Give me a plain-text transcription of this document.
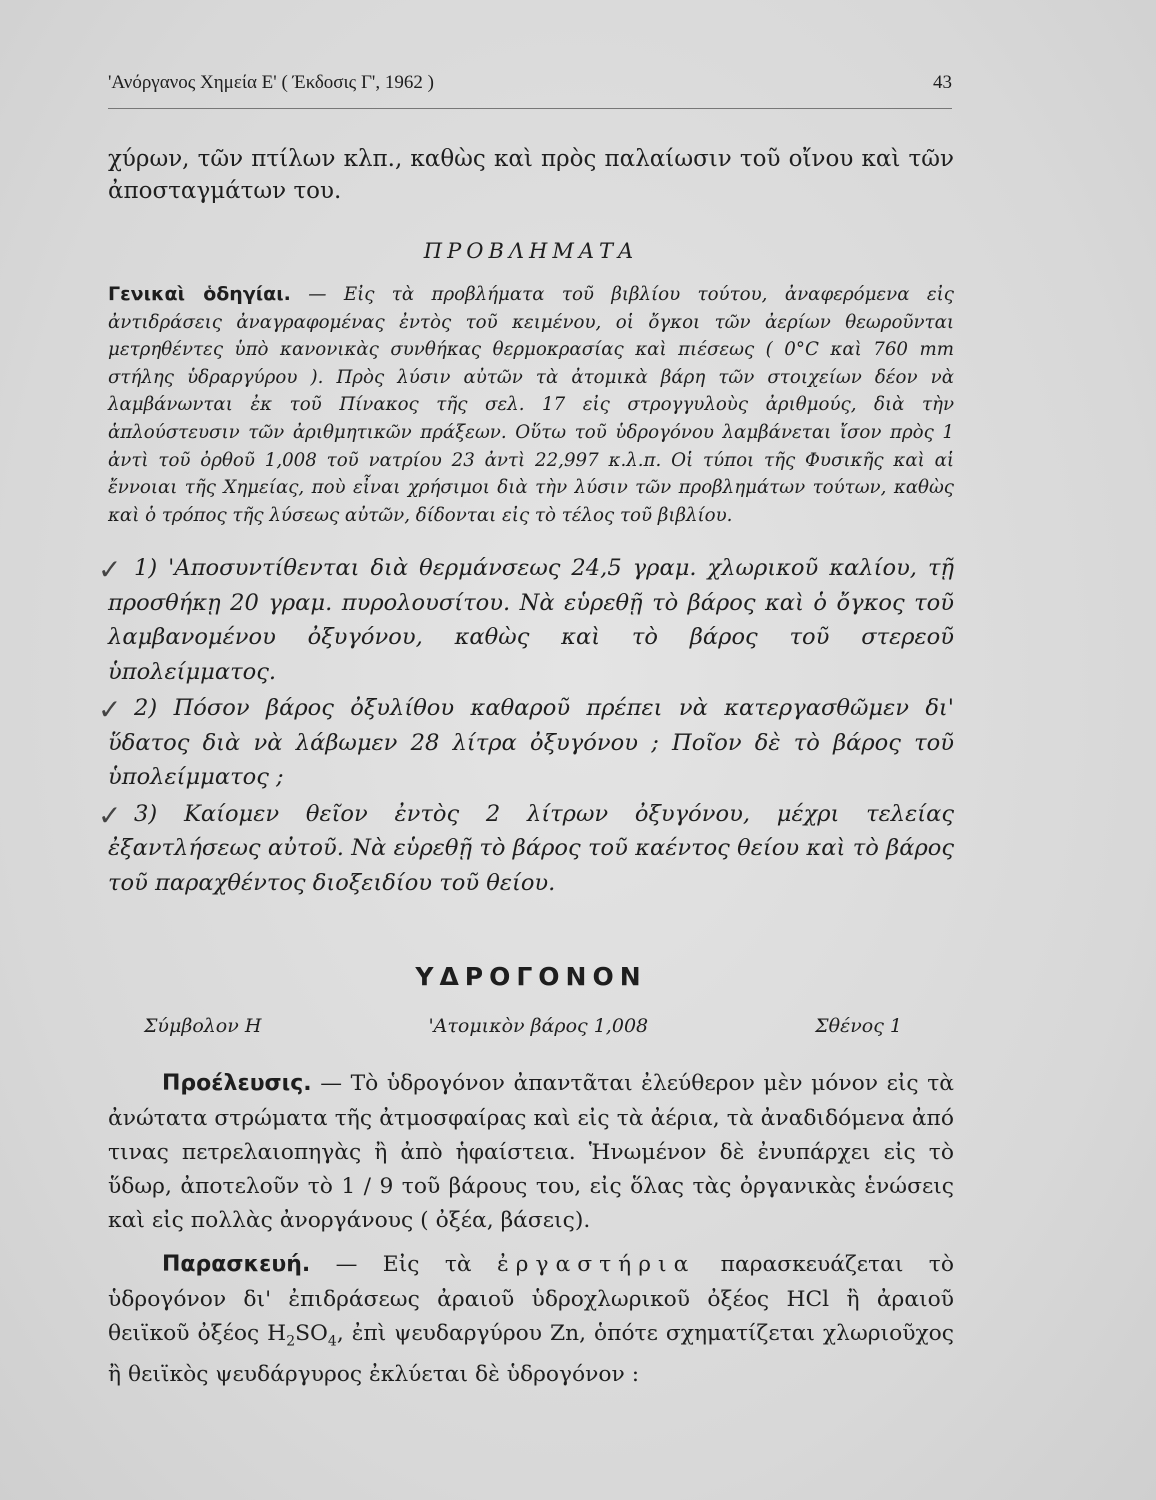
'Ανόργανος Χημεία Ε' ( Έκδοσις Γ', 1962 )	43

χύρων, τῶν πτίλων κλπ., καθὼς καὶ πρὸς παλαίωσιν τοῦ οἴνου καὶ τῶν ἀποσταγμάτων του.

ΠΡΟΒΛΗΜΑΤΑ

Γενικαὶ ὁδηγίαι. — Εἰς τὰ προβλήματα τοῦ βιβλίου τούτου, ἀναφερόμενα εἰς ἀντιδράσεις ἀναγραφομένας ἐντὸς τοῦ κειμένου, οἱ ὄγκοι τῶν ἀερίων θεωροῦνται μετρηθέντες ὑπὸ κανονικὰς συνθήκας θερμοκρασίας καὶ πιέσεως ( 0°C καὶ 760 mm στήλης ὑδραργύρου ). Πρὸς λύσιν αὐτῶν τὰ ἀτομικὰ βάρη τῶν στοιχείων δέον νὰ λαμβάνωνται ἐκ τοῦ Πίνακος τῆς σελ. 17 εἰς στρογγυλοὺς ἀριθμούς, διὰ τὴν ἁπλούστευσιν τῶν ἀριθμητικῶν πράξεων. Οὕτω τοῦ ὑδρογόνου λαμβάνεται ἴσον πρὸς 1 ἀντὶ τοῦ ὀρθοῦ 1,008 τοῦ νατρίου 23 ἀντὶ 22,997 κ.λ.π. Οἱ τύποι τῆς Φυσικῆς καὶ αἱ ἔννοιαι τῆς Χημείας, ποὺ εἶναι χρήσιμοι διὰ τὴν λύσιν τῶν προβλημάτων τούτων, καθὼς καὶ ὁ τρόπος τῆς λύσεως αὐτῶν, δίδονται εἰς τὸ τέλος τοῦ βιβλίου.

✓ 1) 'Αποσυντίθενται διὰ θερμάνσεως 24,5 γραμ. χλωρικοῦ καλίου, τῇ προσθήκῃ 20 γραμ. πυρολουσίτου. Νὰ εὑρεθῇ τὸ βάρος καὶ ὁ ὄγκος τοῦ λαμβανομένου ὀξυγόνου, καθὼς καὶ τὸ βάρος τοῦ στερεοῦ ὑπολείμματος.

✓ 2) Πόσον βάρος ὀξυλίθου καθαροῦ πρέπει νὰ κατεργασθῶμεν δι' ὕδατος διὰ νὰ λάβωμεν 28 λίτρα ὀξυγόνου ; Ποῖον δὲ τὸ βάρος τοῦ ὑπολείμματος ;

✓ 3) Καίομεν θεῖον ἐντὸς 2 λίτρων ὀξυγόνου, μέχρι τελείας ἐξαντλήσεως αὐτοῦ. Νὰ εὑρεθῇ τὸ βάρος τοῦ καέντος θείου καὶ τὸ βάρος τοῦ παραχθέντος διοξειδίου τοῦ θείου.

ΥΔΡΟΓΟΝΟΝ
Σύμβολον Η	'Ατομικὸν βάρος 1,008	Σθένος 1

Προέλευσις. — Τὸ ὑδρογόνον ἀπαντᾶται ἐλεύθερον μὲν μόνον εἰς τὰ ἀνώτατα στρώματα τῆς ἀτμοσφαίρας καὶ εἰς τὰ ἀέρια, τὰ ἀναδιδόμενα ἀπό τινας πετρελαιοπηγὰς ἢ ἀπὸ ἡφαίστεια. Ἡνωμένον δὲ ἐνυπάρχει εἰς τὸ ὕδωρ, ἀποτελοῦν τὸ 1 / 9 τοῦ βάρους του, εἰς ὅλας τὰς ὀργανικὰς ἑνώσεις καὶ εἰς πολλὰς ἀνοργάνους ( ὀξέα, βάσεις).

Παρασκευή. — Εἰς τὰ ἐργαστήρια παρασκευάζεται τὸ ὑδρογόνον δι' ἐπιδράσεως ἀραιοῦ ὑδροχλωρικοῦ ὀξέος HCl ἢ ἀραιοῦ θειϊκοῦ ὀξέος $H_2SO_4$, ἐπὶ ψευδαργύρου Zn, ὁπότε σχηματίζεται χλωριοῦχος ἢ θειϊκὸς ψευδάργυρος ἐκλύεται δὲ ὑδρογόνον :
